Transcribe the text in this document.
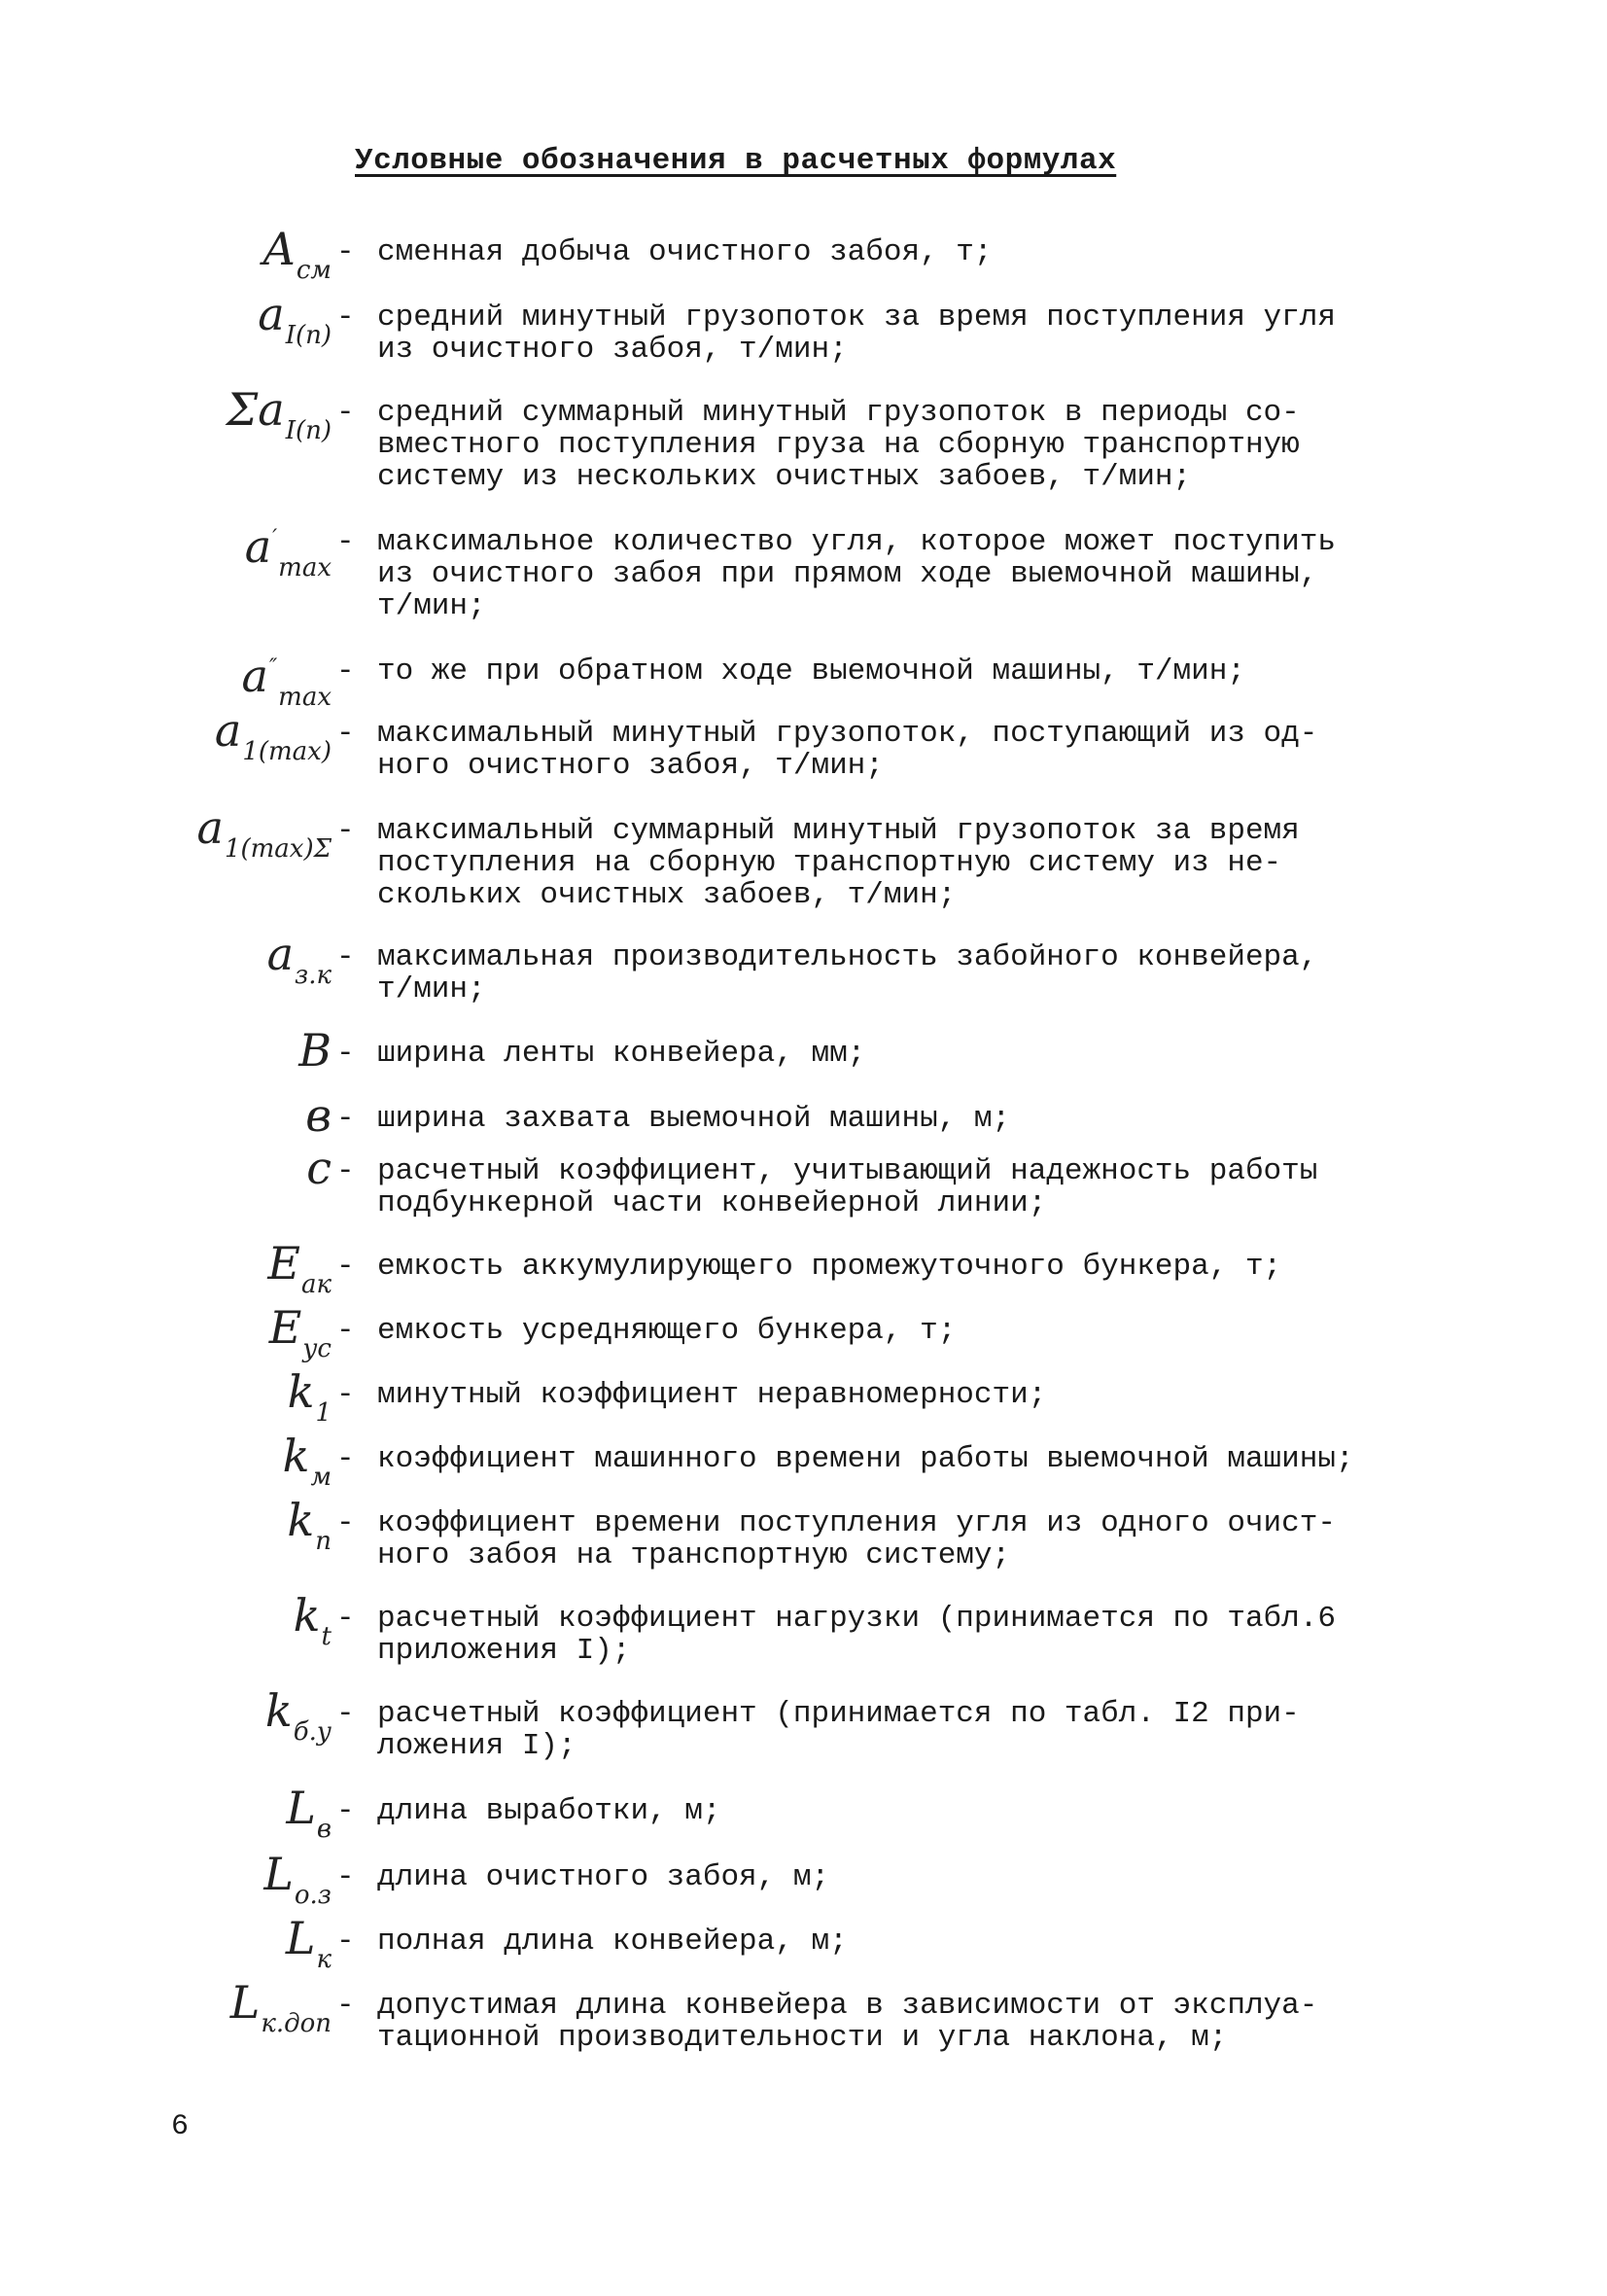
Условные обозначения в расчетных формулах
$A_{см}$
- сменная добыча очистного забоя, т;
$a_{I(п)}$
- средний минутный грузопоток за время поступления угля
из очистного забоя, т/мин;
$\Sigma a_{I(п)}$
- средний суммарный минутный грузопоток в периоды со-
вместного поступления груза на сборную транспортную
систему из нескольких очистных забоев, т/мин;
$a'_{max}$
- максимальное количество угля, которое может поступить
из очистного забоя при прямом ходе выемочной машины,
т/мин;
$a''_{max}$
- то же при обратном ходе выемочной машины, т/мин;
$a_{1(max)}$
- максимальный минутный грузопоток, поступающий из од-
ного очистного забоя, т/мин;
$a_{1(max)\Sigma}$
- максимальный суммарный минутный грузопоток за время
поступления на сборную транспортную систему из не-
скольких очистных забоев, т/мин;
$a_{з.к}$
- максимальная производительность забойного конвейера,
т/мин;
B - ширина ленты конвейера, мм;
в - ширина захвата выемочной машины, м;
c - расчетный коэффициент, учитывающий надежность работы
подбункерной части конвейерной линии;
$E_{ак}$
- емкость аккумулирующего промежуточного бункера, т;
$E_{ус}$
- емкость усредняющего бункера, т;
$k_1$
- минутный коэффициент неравномерности;
$k_м$
- коэффициент машинного времени работы выемочной машины;
$k_п$
- коэффициент времени поступления угля из одного очист-
ного забоя на транспортную систему;
$k_t$
- расчетный коэффициент нагрузки (принимается по табл.6
приложения I);
$k_{б.у}$
- расчетный коэффициент (принимается по табл. I2 при-
ложения I);
$L_в$
- длина выработки, м;
$L_{о.з}$
- длина очистного забоя, м;
$L_к$
- полная длина конвейера, м;
$L_{к.доп}$
- допустимая длина конвейера в зависимости от эксплуа-
тационной производительности и угла наклона, м;
6
